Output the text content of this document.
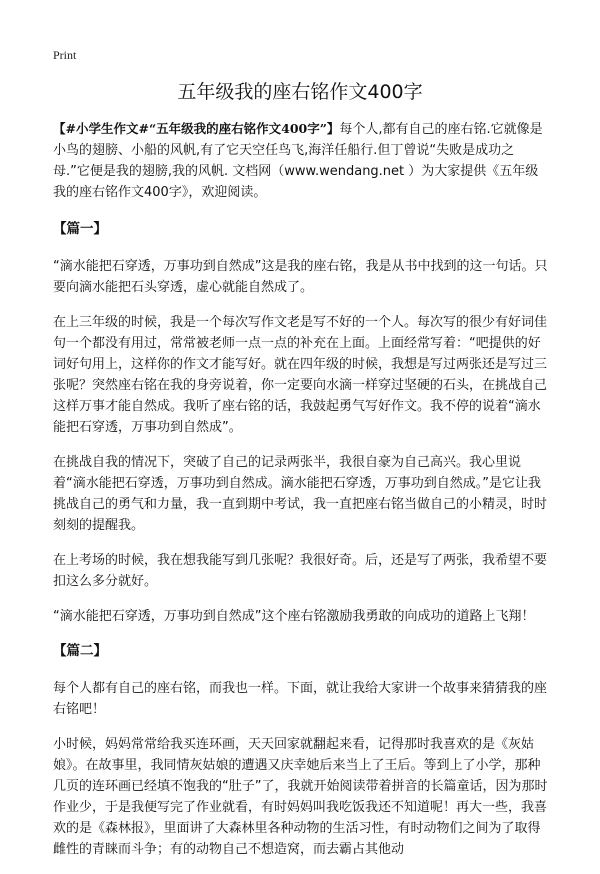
Print
五年级我的座右铭作文400字

【#小学生作文#“五年级我的座右铭作文400字”】每个人,都有自己的座右铭.它就像是小鸟的翅膀、小船的风帆,有了它天空任鸟飞,海洋任船行.但丁曾说“失败是成功之母.”它便是我的翅膀,我的风帆. 文档网（www.wendang.net ）为大家提供《五年级我的座右铭作文400字》，欢迎阅读。

【篇一】

“滴水能把石穿透，万事功到自然成”这是我的座右铭，我是从书中找到的这一句话。只要向滴水能把石头穿透，虚心就能自然成了。

在上三年级的时候，我是一个每次写作文老是写不好的一个人。每次写的很少有好词佳句一个都没有用过，常常被老师一点一点的补充在上面。上面经常写着：“吧提供的好词好句用上，这样你的作文才能写好。就在四年级的时候，我想是写过两张还是写过三张呢？突然座右铭在我的身旁说着，你一定要向水滴一样穿过坚硬的石头，在挑战自己这样万事才能自然成。我听了座右铭的话，我鼓起勇气写好作文。我不停的说着“滴水能把石穿透，万事功到自然成”。

在挑战自我的情况下，突破了自己的记录两张半，我很自豪为自己高兴。我心里说着“滴水能把石穿透，万事功到自然成。滴水能把石穿透，万事功到自然成。”是它让我挑战自己的勇气和力量，我一直到期中考试，我一直把座右铭当做自己的小精灵，时时刻刻的提醒我。

在上考场的时候，我在想我能写到几张呢？我很好奇。后，还是写了两张，我希望不要扣这么多分就好。

“滴水能把石穿透，万事功到自然成”这个座右铭激励我勇敢的向成功的道路上飞翔！

【篇二】

每个人都有自己的座右铭，而我也一样。下面，就让我给大家讲一个故事来猜猜我的座右铭吧！

小时候，妈妈常常给我买连环画，天天回家就翻起来看，记得那时我喜欢的是《灰姑娘》。在故事里，我同情灰姑娘的遭遇又庆幸她后来当上了王后。等到上了小学，那种几页的连环画已经填不饱我的“肚子”了，我就开始阅读带着拼音的长篇童话，因为那时作业少，于是我便写完了作业就看，有时妈妈叫我吃饭我还不知道呢！再大一些，我喜欢的是《森林报》，里面讲了大森林里各种动物的生活习性，有时动物们之间为了取得雌性的青睐而斗争；有的动物自己不想造窝，而去霸占其他动
